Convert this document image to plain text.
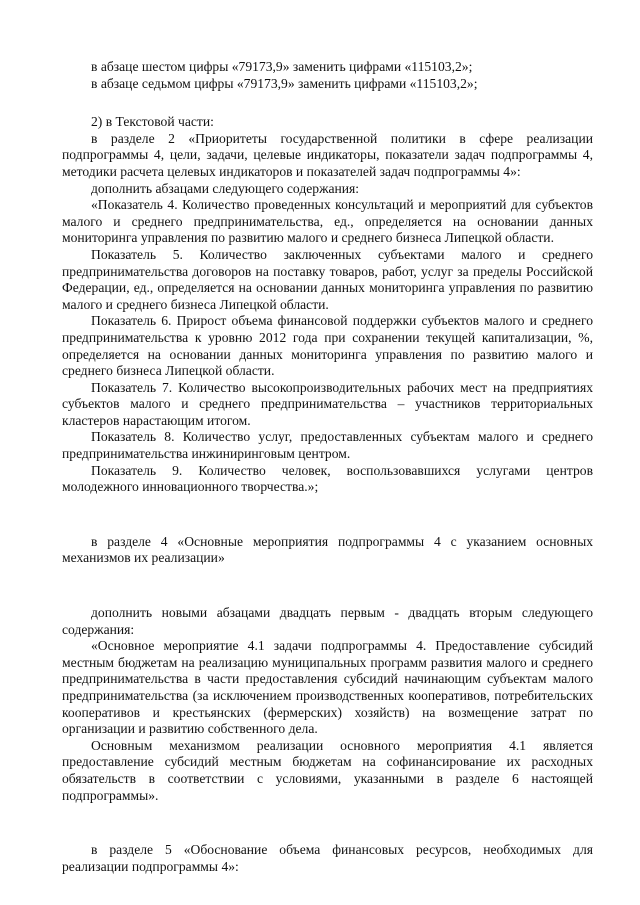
в абзаце шестом цифры «79173,9» заменить цифрами «115103,2»;

в абзаце седьмом цифры «79173,9» заменить цифрами «115103,2»;

2) в Текстовой части:

в разделе 2 «Приоритеты государственной политики в сфере реализации подпрограммы 4, цели, задачи, целевые индикаторы, показатели задач подпрограммы 4, методики расчета целевых индикаторов и показателей задач подпрограммы 4»:

дополнить абзацами следующего содержания:

«Показатель 4. Количество проведенных консультаций и мероприятий для субъектов малого и среднего предпринимательства, ед., определяется на основании данных мониторинга управления по развитию малого и среднего бизнеса Липецкой области.

Показатель 5. Количество заключенных субъектами малого и среднего предпринимательства договоров на поставку товаров, работ, услуг за пределы Российской Федерации, ед., определяется на основании данных мониторинга управления по развитию малого и среднего бизнеса Липецкой области.

Показатель 6. Прирост объема финансовой поддержки субъектов малого и среднего предпринимательства к уровню 2012 года при сохранении текущей капитализации, %, определяется на основании данных мониторинга управления по развитию малого и среднего бизнеса Липецкой области.

Показатель 7. Количество высокопроизводительных рабочих мест на предприятиях субъектов малого и среднего предпринимательства – участников территориальных кластеров нарастающим итогом.

Показатель 8. Количество услуг, предоставленных субъектам малого и среднего предпринимательства инжиниринговым центром.

Показатель 9. Количество человек, воспользовавшихся услугами центров молодежного инновационного творчества.»;

в разделе 4 «Основные мероприятия подпрограммы 4 с указанием основных механизмов их реализации»

дополнить новыми абзацами двадцать первым - двадцать вторым следующего содержания:

«Основное мероприятие 4.1 задачи подпрограммы 4. Предоставление субсидий местным бюджетам на реализацию муниципальных программ развития малого и среднего предпринимательства в части предоставления субсидий начинающим субъектам малого предпринимательства (за исключением производственных кооперативов, потребительских кооперативов и крестьянских (фермерских) хозяйств) на возмещение затрат по организации и развитию собственного дела.

Основным механизмом реализации основного мероприятия 4.1 является предоставление субсидий местным бюджетам на софинансирование их расходных обязательств в соответствии с условиями, указанными в разделе 6 настоящей подпрограммы».

в разделе 5 «Обоснование объема финансовых ресурсов, необходимых для реализации подпрограммы 4»:
